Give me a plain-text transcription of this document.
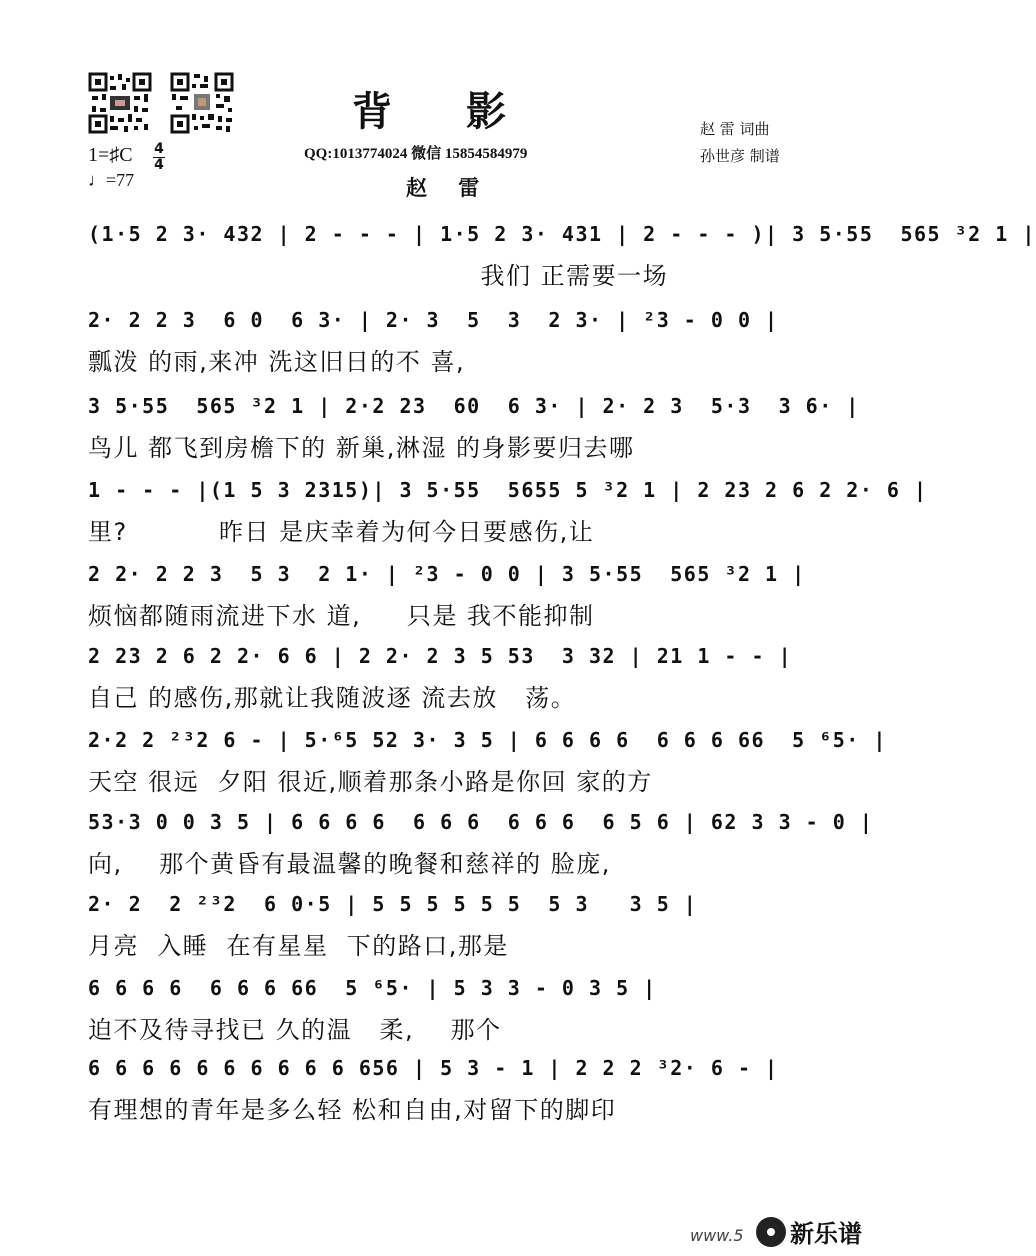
背 影
QQ:1013774024 微信 15854584979
赵 雷
赵 雷 词曲
孙世彦 制谱
1=♯C 4
4
♩=77
(1·5 2 3· 432 | 2 - - - | 1·5 2 3· 431 | 2 - - - )| 3 5·55  565 ³2 1 |
我们 正需要一场
2· 2 2 3  6 0  6 3· | 2· 3  5  3  2 3· | ²3 - 0 0 |
瓢泼 的雨,来冲 洗这旧日的不 喜,
3 5·55  565 ³2 1 | 2·2 23  60  6 3· | 2· 2 3  5·3  3 6· |
鸟儿 都飞到房檐下的 新巢,淋湿 的身影要归去哪
1 - - - |(1 5 3 2315)| 3 5·55  5655 5 ³2 1 | 2 23 2 6 2 2· 6 |
里?          昨日 是庆幸着为何今日要感伤,让
2 2· 2 2 3  5 3  2 1· | ²3 - 0 0 | 3 5·55  565 ³2 1 |
烦恼都随雨流进下水 道,     只是 我不能抑制
2 23 2 6 2 2· 6 6 | 2 2· 2 3 5 53  3 32 | 21 1 - - |
自己 的感伤,那就让我随波逐 流去放   荡。
2·2 2 ²³2 6 - | 5·⁶5 52 3· 3 5 | 6 6 6 6  6 6 6 66  5 ⁶5· |
天空 很远  夕阳 很近,顺着那条小路是你回 家的方
53·3 0 0 3 5 | 6 6 6 6  6 6 6  6 6 6  6 5 6 | 62 3 3 - 0 |
向,    那个黄昏有最温馨的晚餐和慈祥的 脸庞,
2· 2  2 ²³2  6 0·5 | 5 5 5 5 5 5  5 3   3 5 |
月亮  入睡  在有星星  下的路口,那是
6 6 6 6  6 6 6 66  5 ⁶5· | 5 3 3 - 0 3 5 |
迫不及待寻找已 久的温   柔,    那个
6 6 6 6 6 6 6 6 6 6 656 | 5 3 - 1 | 2 2 2 ³2· 6 - |
有理想的青年是多么轻 松和自由,对留下的脚印
www.5 新乐谱
